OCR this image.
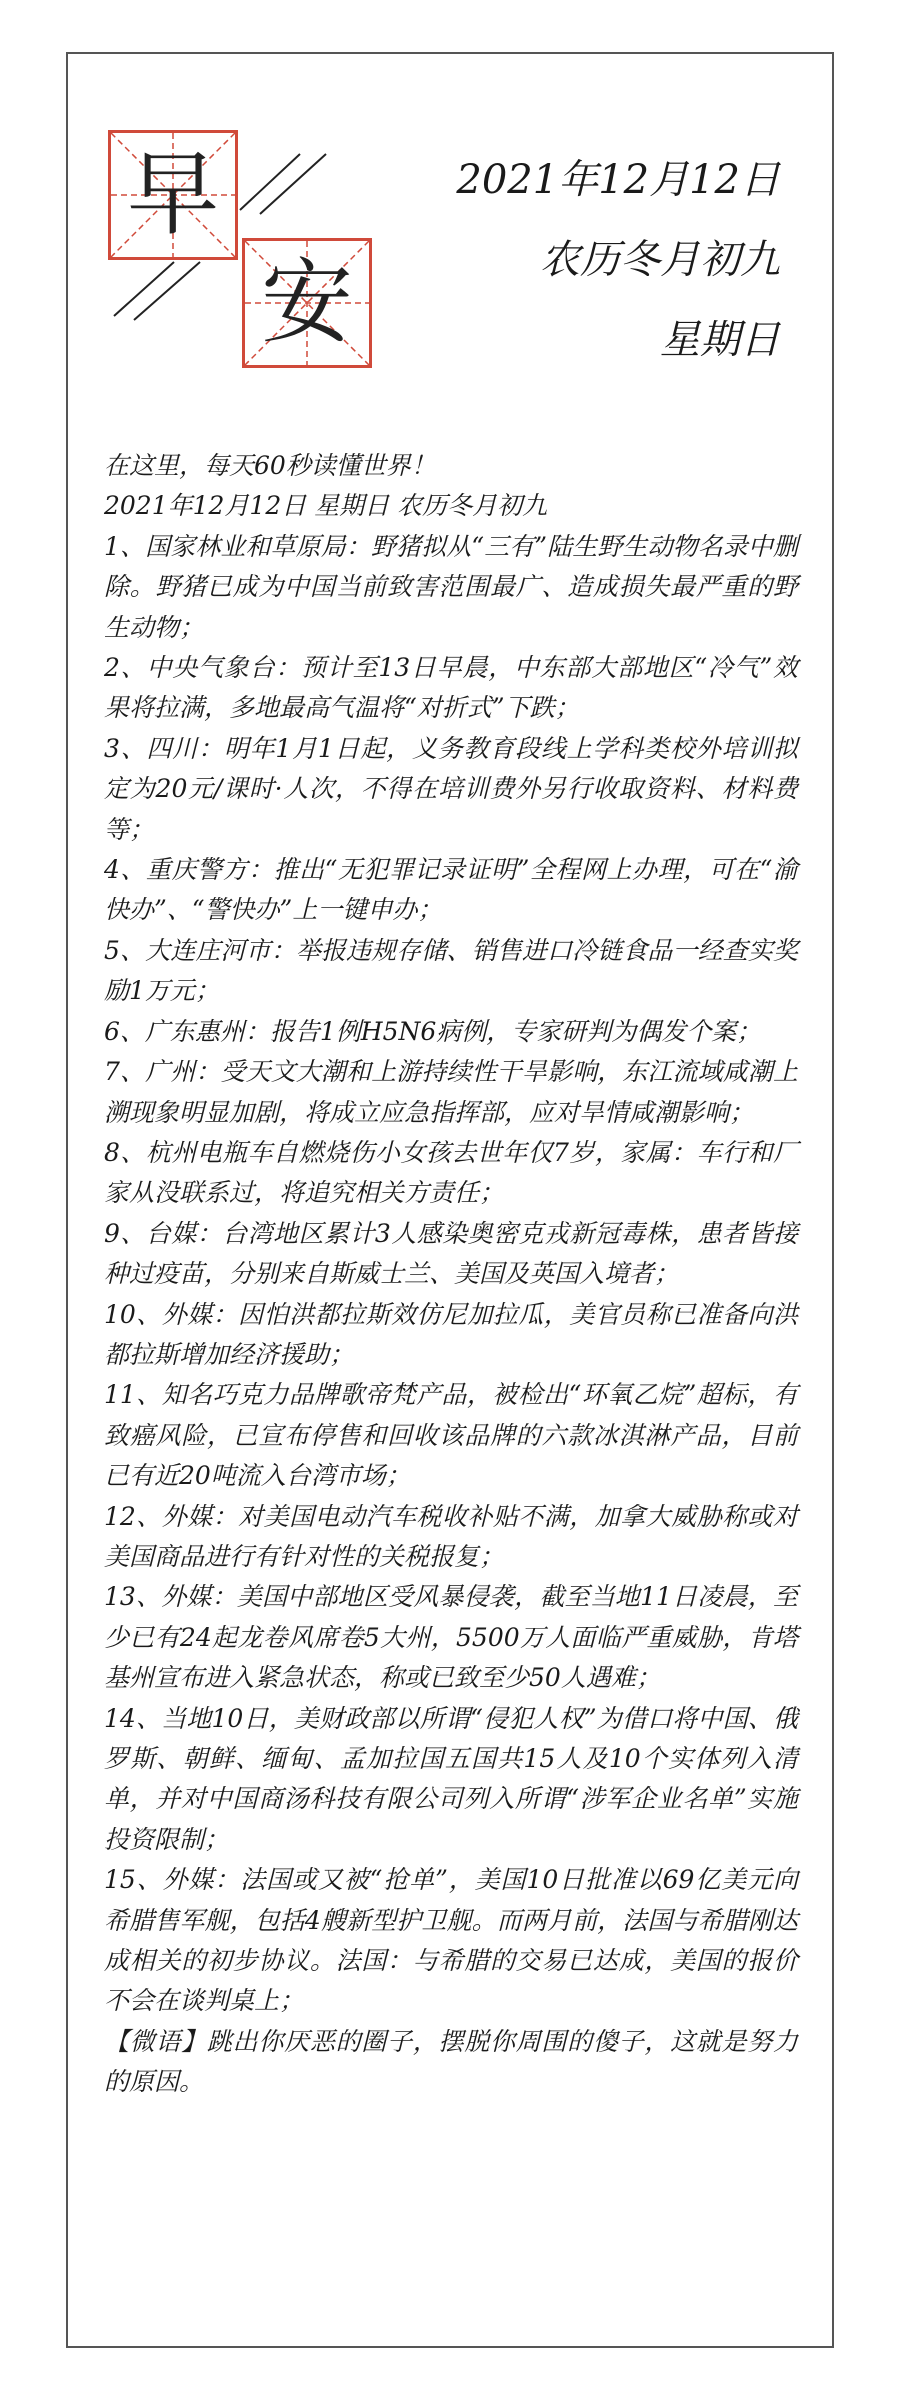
早
安
2021年12月12日
农历冬月初九
星期日

在这里，每天60秒读懂世界！

2021年12月12日 星期日 农历冬月初九

1、国家林业和草原局：野猪拟从“三有”陆生野生动物名录中删除。野猪已成为中国当前致害范围最广、造成损失最严重的野生动物；

2、中央气象台：预计至13日早晨，中东部大部地区“冷气”效果将拉满，多地最高气温将“对折式”下跌；

3、四川：明年1月1日起，义务教育段线上学科类校外培训拟定为20元/课时·人次，不得在培训费外另行收取资料、材料费等；

4、重庆警方：推出“无犯罪记录证明”全程网上办理，可在“渝快办”、“警快办”上一键申办；

5、大连庄河市：举报违规存储、销售进口冷链食品一经查实奖励1万元；

6、广东惠州：报告1例H5N6病例，专家研判为偶发个案；

7、广州：受天文大潮和上游持续性干旱影响，东江流域咸潮上溯现象明显加剧，将成立应急指挥部，应对旱情咸潮影响；

8、杭州电瓶车自燃烧伤小女孩去世年仅7岁，家属：车行和厂家从没联系过，将追究相关方责任；

9、台媒：台湾地区累计3人感染奥密克戎新冠毒株，患者皆接种过疫苗，分别来自斯威士兰、美国及英国入境者；

10、外媒：因怕洪都拉斯效仿尼加拉瓜，美官员称已准备向洪都拉斯增加经济援助；

11、知名巧克力品牌歌帝梵产品，被检出“环氧乙烷”超标，有致癌风险，已宣布停售和回收该品牌的六款冰淇淋产品，目前已有近20吨流入台湾市场；

12、外媒：对美国电动汽车税收补贴不满，加拿大威胁称或对美国商品进行有针对性的关税报复；

13、外媒：美国中部地区受风暴侵袭，截至当地11日凌晨，至少已有24起龙卷风席卷5大州，5500万人面临严重威胁，肯塔基州宣布进入紧急状态，称或已致至少50人遇难；

14、当地10日，美财政部以所谓“侵犯人权”为借口将中国、俄罗斯、朝鲜、缅甸、孟加拉国五国共15人及10个实体列入清单，并对中国商汤科技有限公司列入所谓“涉军企业名单”实施投资限制；

15、外媒：法国或又被“抢单”，美国10日批准以69亿美元向希腊售军舰，包括4艘新型护卫舰。而两月前，法国与希腊刚达成相关的初步协议。法国：与希腊的交易已达成，美国的报价不会在谈判桌上；

【微语】跳出你厌恶的圈子，摆脱你周围的傻子，这就是努力的原因。
